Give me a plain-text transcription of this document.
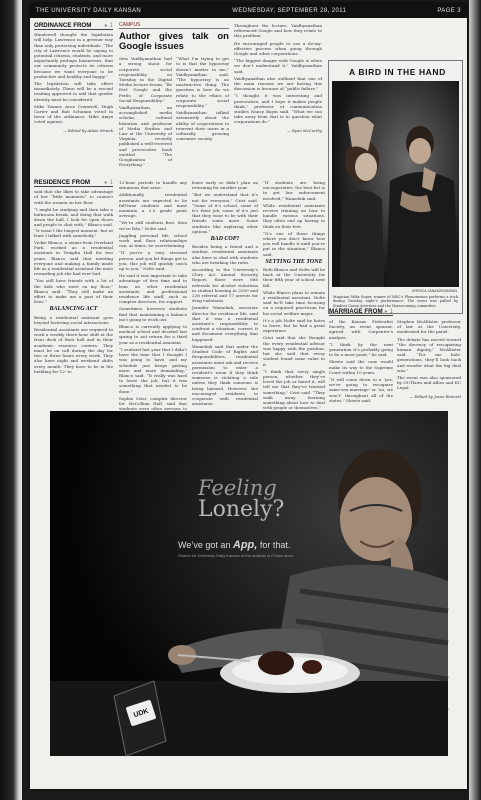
THE UNIVERSITY DAILY KANSAN	WEDNESDAY, SEPTEMBER 28, 2011	PAGE 3
ORDINANCE FROM ▸ 1

Wandswell thought the legislation will help. Lawrence in a greener way than only protecting individuals. “The city of Lawrence would be saying to potential citizens, students, and more importantly perhaps businesses, that our community protects its citizens because we want everyone to be productive and healthy and happy.”

The legislation will take effect immediately. There will be a second reading approved to add that gender identity must be considered.

Mike Tenner, Aron Cromwell, Hugh Carter and Bob Schumm voted in favor of the ordinance. Mike Amyx voted against.

— Edited by Adam Strunk
RESIDENCE FROM ▸ 1

said that she likes to take advantage of her “little moments” to connect with the women on her floor.

“I might be studying and then take a bathroom break, and doing that walk down the hall, I look for open doors and people to chat with,” Blanco said. “It wasn’t the longest moment, but at least I talked with somebody.”

Vickie Blanco, a senior from Overland Park, worked as a residential assistant in Templin Hall for two years. Blanco said that meeting everyone and making a family made life as a residential assistant the most rewarding job she had ever had.

“You still have friends with a lot of the kids who were on my floor,” Blanco said. “They still make an effort to make me a part of their lives.”

BALANCING ACT

Being a residential assistant goes beyond fostering social interactions.

Residential assistants are required to work a weekly three-hour shift at the front desk of their hall and in their academic resource centers. They must be on call during the day for two or three hours every week. They also have night and weekend shifts every month. They have to be in the building for 12- to

CAMPUS
Author gives talk on Google issues

Siva Vaidhyanathan had a strong shout for corporate social responsibility on Tuesday in the Digital Media lecture forum. “Be Evil: Google and the Perils of Corporate Social Responsibility.”

Vaidhyanathan, an accomplished media scholar, cultural historian and professor of Media Studies and Law at the University of Virginia, recently published a well-received and provocative book entitled “The Googlization of Everything.”

“What I’m trying to get to is that the hypocrisy doesn’t matter to me,” Vaidhyanathan said. “The hypocrisy is an unattractive thing. The question is how do we relate to the ethics of corporate social responsibility.”

Vaidhyanathan talked extensively about the ability of corporations to reinvent their users in a culturally growing consumer society.

Throughout the lecture, Vaidhyanathan referenced Google and how they relate to this problem.

He encouraged people to use a do-my-effective process when going through Google and other corporations.

“The biggest danger with Google is when we don’t understand it,” Vaidhyanathan said.

Vaidhyanathan also outlined that one of the main reasons we are having this discussion is because of “public failure.”

“I thought it was interesting and provocative, and I hope it makes people think,” professor of communication studies Nancy Baym said. “What we can take away from that is to question what corporations do.”

— Ryan McCarthy

12-hour periods to handle any situations that arise.

Additionally, residential assistants are expected to be full-time students and must maintain a 2.5 grade point average.

“We’re still students first, then we’re RAs,” Nolte said.

Juggling personal life, school work and floor relationships can, at times, be overwhelming.

“If you’re a very stressed person, and you let things get to you, this job will quickly catch up to you,” Nolte said.

He said it was important to take advantage of free time and to lean on other residential assistants and professional residence life staff, such as complex directors, for support.

Sometimes, however, students find that maintaining a balance isn’t going to work out.

Blanco is currently applying to medical school and decided last spring to not return for a third year as a residential assistant.

“I realized last year that I didn’t have the time that I thought I was going to have, and my schedule just keeps getting more and more demanding,” Blanco said. “It really was hard to leave the job, but it was something that needed to be done.”

Sophie Crist, complex director for McCollum Hall, said that students were often nervous to

leave early or didn’t plan on returning for another year.

“But we understand that it’s not for everyone,” Crist said. “Some of it’s school, some of it’s their job, some of it’s just that they want to be with their friends some more. Some students like exploring other options.”

BAD COP?

Besides being a friend and a student, residential assistants also have to deal with students who are breaking the rules.

According to the University’s Clery Act Annual Security Report, there were 686 referrals for alcohol violations in student housing in 2009 and 238 referral and 17 arrests for drug violations.

Jennifer Wamelink, associate director for residence life, said that it was a residential assistant’s responsibility to confront a situation, correct it and document everything that happened.

Wamelink said that under the Student Code of Rights and Responsibilities, residential assistants must ask and receive permission to enter a resident’s room if they think someone is violating a rule unless they think someone is being harmed. However, she encouraged residents to cooperate with residential assistants.

“If students are being uncooperative, the best bet is to get law enforcement involved,” Wamelink said.

While residential assistants receive training on how to handle various situations, they often end up having to think on their feet.

“It’s one of those things where you don’t know how you will handle it until you’re put in the situation,” Blanco said.

SETTING THE TONE

Both Blanco and Nolte will be back at the University for their fifth year of school next fall.

While Blanco plans to remain a residential assistant, Nolte said he’ll take time focusing on a required practicum for his social welfare major.

It’s a job Nolte said he hates to leave, but he had a great experience.

Crist said that she thought the every residential advisor was happy with the position, but she said that every student found some value to it.

“I think that every single person, whether they’ve loved the job or hated it, will tell me that they’ve learned something,” Crist said. “They walk away learning something about how to deal with people or themselves.”

A BIRD IN THE HAND
JESSICA JANASZ/KANSAN
Magician Mike Super, winner of NBC’s Phenomenon performs a trick during Tuesday night’s performance. The event was pulled by Student Union Activities and the Homecoming committee.

of the Kansas Federalist Society, an event sponsor, agreed with Carpenter’s analysis.

“I think by the next generation it’s probably going to be a moot point,” he said.

Sheetz said the case would make its way to the Supreme Court within 10 years.

“It will come down to a ‘yes, we’re going to recognize same-sex marriage’ or ‘no, we won’t’ throughout all of the states,” Sheetz said.

Stephen McAllister, professor of law at the University, moderated for the panel.

The debate has moved toward “the decency of recognizing human dignity,” McAllister said. “For me kids’ generations, they’ll look back and wonder what the big deal was.”

The event was also sponsored by OUTlaws and Allies and KU Legal.

— Edited by Jason Bennett
MARRIAGE FROM ▸ 1
Feeling
Lonely?
We’ve got an App, for that.
Search for University Daily Kansan at the Android or iTunes store.
UDK
